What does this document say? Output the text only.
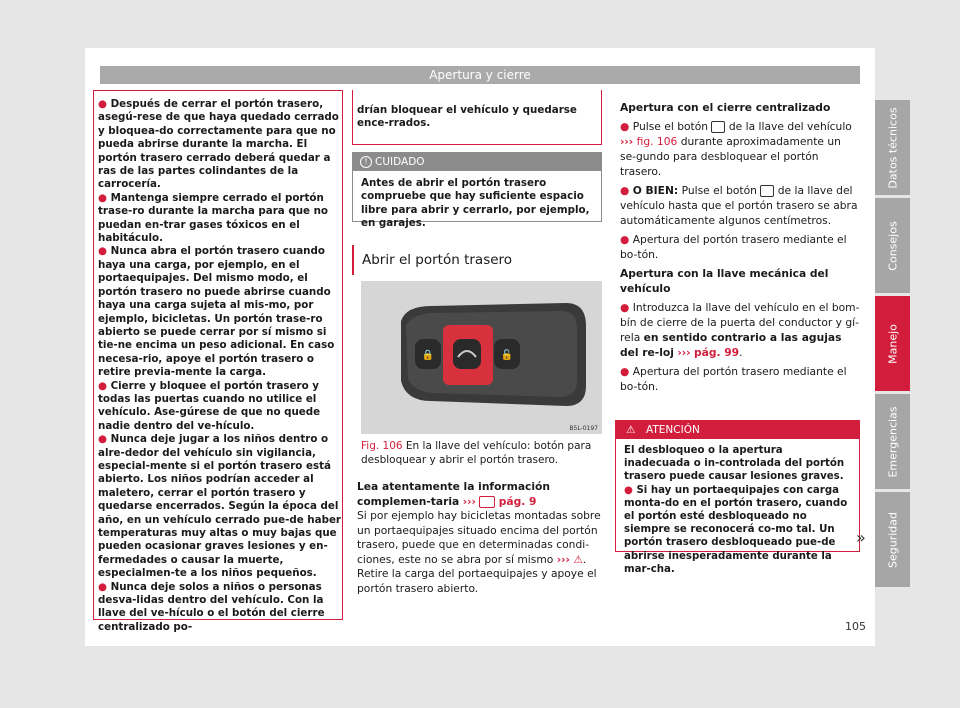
Apertura y cierre

● Después de cerrar el portón trasero, asegú-rese de que haya quedado cerrado y bloquea-do correctamente para que no pueda abrirse durante la marcha. El portón trasero cerrado deberá quedar a ras de las partes colindantes de la carrocería.

● Mantenga siempre cerrado el portón trase-ro durante la marcha para que no puedan en-trar gases tóxicos en el habitáculo.

● Nunca abra el portón trasero cuando haya una carga, por ejemplo, en el portaequipajes. Del mismo modo, el portón trasero no puede abrirse cuando haya una carga sujeta al mis-mo, por ejemplo, bicicletas. Un portón trase-ro abierto se puede cerrar por sí mismo si tie-ne encima un peso adicional. En caso necesa-rio, apoye el portón trasero o retire previa-mente la carga.

● Cierre y bloquee el portón trasero y todas las puertas cuando no utilice el vehículo. Ase-gúrese de que no quede nadie dentro del ve-hículo.

● Nunca deje jugar a los niños dentro o alre-dedor del vehículo sin vigilancia, especial-mente si el portón trasero está abierto. Los niños podrían acceder al maletero, cerrar el portón trasero y quedarse encerrados. Según la época del año, en un vehículo cerrado pue-de haber temperaturas muy altas o muy bajas que pueden ocasionar graves lesiones y en-fermedades o causar la muerte, especialmen-te a los niños pequeños.

● Nunca deje solos a niños o personas desva-lidas dentro del vehículo. Con la llave del ve-hículo o el botón del cierre centralizado po-

drían bloquear el vehículo y quedarse ence-rrados.
! CUIDADO
Antes de abrir el portón trasero compruebe que hay suficiente espacio libre para abrir y cerrarlo, por ejemplo, en garajes.
Abrir el portón trasero
🔒	🔓
B5L-0197
Fig. 106 En la llave del vehículo: botón para desbloquear y abrir el portón trasero.
Lea atentamente la información complemen-taria ››› pág. 9
Si por ejemplo hay bicicletas montadas sobre un portaequipajes situado encima del portón trasero, puede que en determinadas condi-ciones, este no se abra por sí mismo ››› ⚠.
Retire la carga del portaequipajes y apoye el portón trasero abierto.

Apertura con el cierre centralizado

● Pulse el botón de la llave del vehículo ››› fig. 106 durante aproximadamente un se-gundo para desbloquear el portón trasero.

● O BIEN: Pulse el botón de la llave del vehículo hasta que el portón trasero se abra automáticamente algunos centímetros.

● Apertura del portón trasero mediante el bo-tón.

Apertura con la llave mecánica del vehículo

● Introduzca la llave del vehículo en el bom-bín de cierre de la puerta del conductor y gí-rela en sentido contrario a las agujas del re-loj ››› pág. 99.

● Apertura del portón trasero mediante el bo-tón.

⚠ ATENCIÓN
El desbloqueo o la apertura inadecuada o in-controlada del portón trasero puede causar lesiones graves.
● Si hay un portaequipajes con carga monta-do en el portón trasero, cuando el portón esté desbloqueado no siempre se reconocerá co-mo tal. Un portón trasero desbloqueado pue-de abrirse inesperadamente durante la mar-cha.
»
Datos técnicos
Consejos
Manejo
Emergencias
Seguridad
105
